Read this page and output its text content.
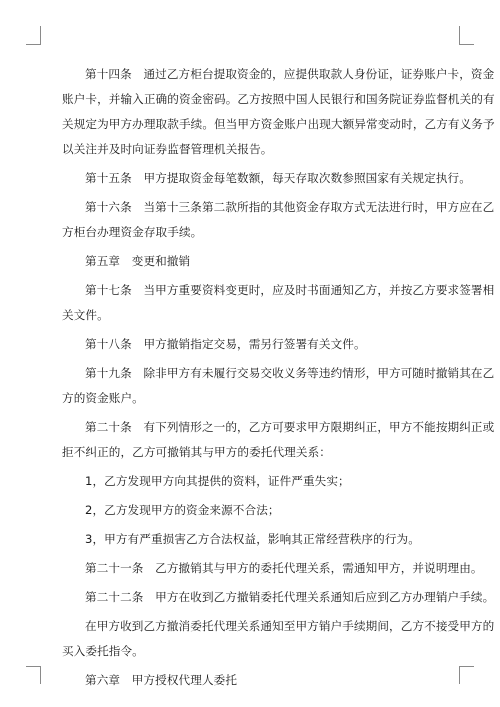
第十四条　通过乙方柜台提取资金的，应提供取款人身份证，证券账户卡，资金

账户卡，并输入正确的资金密码。乙方按照中国人民银行和国务院证券监督机关的有

关规定为甲方办理取款手续。但当甲方资金账户出现大额异常变动时，乙方有义务予

以关注并及时向证券监督管理机关报告。

第十五条　甲方提取资金每笔数额，每天存取次数参照国家有关规定执行。

第十六条　当第十三条第二款所指的其他资金存取方式无法进行时，甲方应在乙

方柜台办理资金存取手续。

第五章　变更和撤销

第十七条　当甲方重要资料变更时，应及时书面通知乙方，并按乙方要求签署相

关文件。

第十八条　甲方撤销指定交易，需另行签署有关文件。

第十九条　除非甲方有未履行交易交收义务等违约情形，甲方可随时撤销其在乙

方的资金账户。

第二十条　有下列情形之一的，乙方可要求甲方限期纠正，甲方不能按期纠正或

拒不纠正的，乙方可撤销其与甲方的委托代理关系：

1，乙方发现甲方向其提供的资料，证件严重失实；

2，乙方发现甲方的资金来源不合法；

3，甲方有严重损害乙方合法权益，影响其正常经营秩序的行为。

第二十一条　乙方撤销其与甲方的委托代理关系，需通知甲方，并说明理由。

第二十二条　甲方在收到乙方撤销委托代理关系通知后应到乙方办理销户手续。

在甲方收到乙方撤消委托代理关系通知至甲方销户手续期间，乙方不接受甲方的

买入委托指令。

第六章　甲方授权代理人委托
